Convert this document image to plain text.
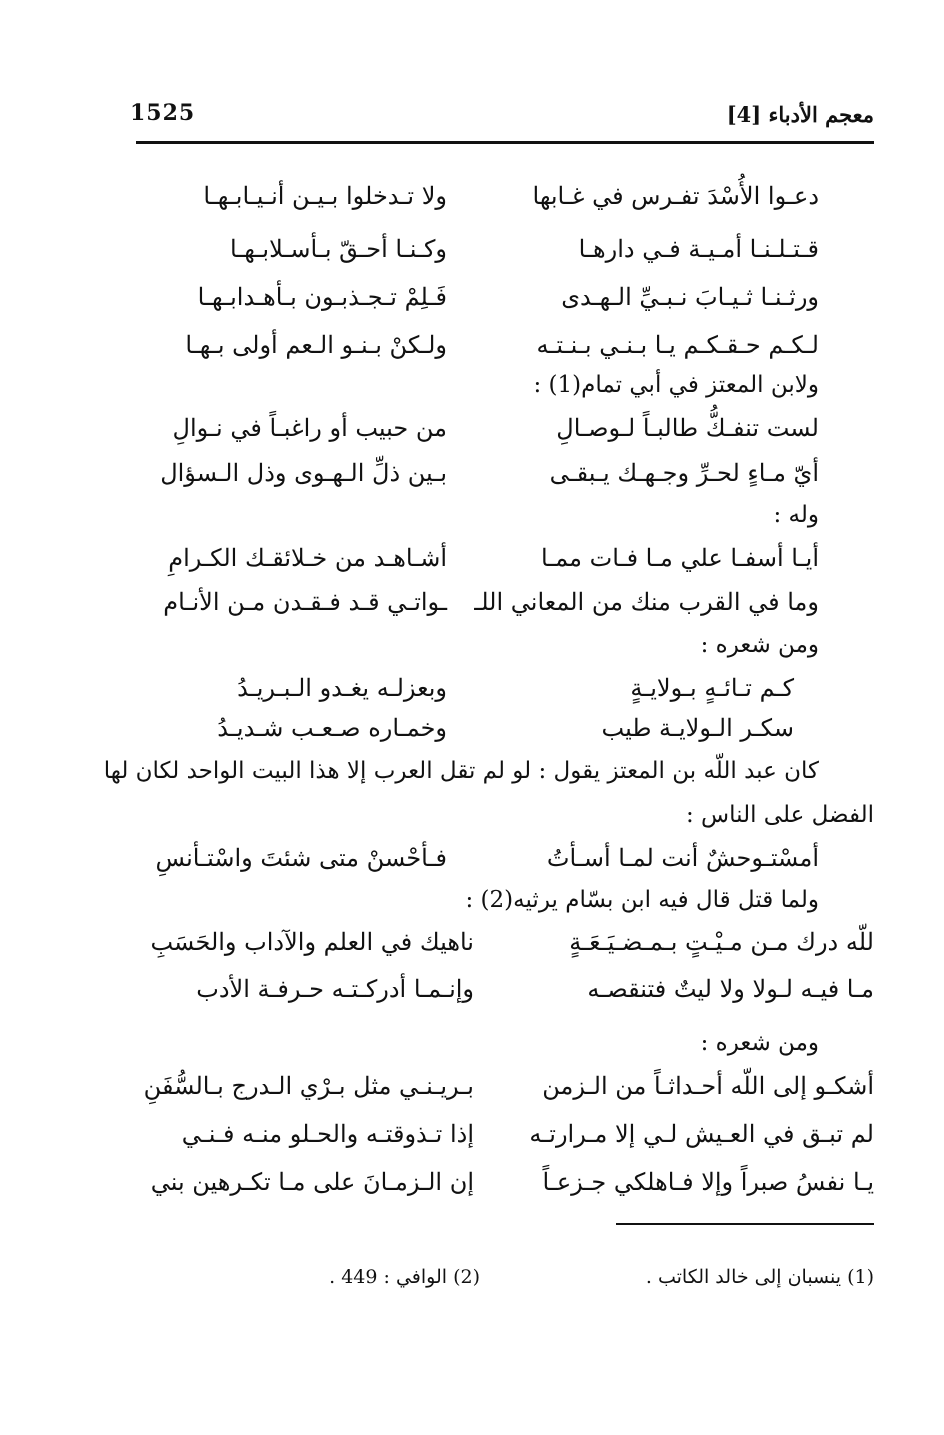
معجم الأدباء [4]
1525
دعـوا الأُسْدَ تفـرس في غـابها
ولا تـدخلوا بـيـن أنـيـابـهـا
قـتـلـنـا أمـيـة فـي دارهـا
وكـنـا أحـقّ بـأسـلابـهـا
ورثـنـا ثـيـابَ نـبـيِّ الـهـدى
فَـلِمْ تـجـذبـون بـأهـدابـهـا
لـكـم حـقـكـم يـا بـنـي بـنـتـه
ولـكنْ بـنـو الـعم أولى بـهـا
ولابن المعتز في أبي تمام(1) :
لست تنفـكُّ طالبـاً لـوصـالِ
من حبيب أو راغبـاً في نـوالِ
أيّ مـاءٍ لحـرِّ وجـهـك يـبقـى
بـين ذلِّ الـهـوى وذل الـسؤال
وله :
أيـا أسفـا علي مـا فـات ممـا
أشـاهـد من خـلائقـك الكـرامِ
وما في القرب منك من المعاني اللـ
ـواتـي قـد فـقـدن مـن الأنـام
ومن شعره :
كـم تـائـهٍ بـولايـةٍ
وبعزلـه يغـدو الـبـريـدُ
سكـر الـولايـة طيب
وخمـاره صـعـب شـديـدُ
كان عبد اللّه بن المعتز يقول : لو لم تقل العرب إلا هذا البيت الواحد لكان لها
الفضل على الناس :
أمسْتـوحشٌ أنت لمـا أسـأتُ
فـأحْسنْ متى شئتَ واسْتـأنسِ
ولما قتل قال فيه ابن بسّام يرثيه(2) :
للّه درك مـن مـيْـتٍ بـمـضـيَـعَـةٍ
ناهيك في العلم والآداب والحَسَبِ
مـا فيـه لـولا ولا ليتٌ فتنقصـه
وإنـمـا أدركـتـه حـرفـة الأدب
ومن شعره :
أشكـو إلى اللّه أحـداثـاً من الـزمن
بـريـنـي مثل بـرْي الـدرج بـالسُّفَنِ
لم تبـق في العـيش لـي إلا مـرارتـه
إذا تـذوقتـه والحـلو منـه فـنـي
يـا نفسُ صبراً وإلا فـاهلكي جـزعـاً
إن الـزمـانَ على مـا تكـرهين بني
(1) ينسبان إلى خالد الكاتب .
(2) الوافي : 449 .
